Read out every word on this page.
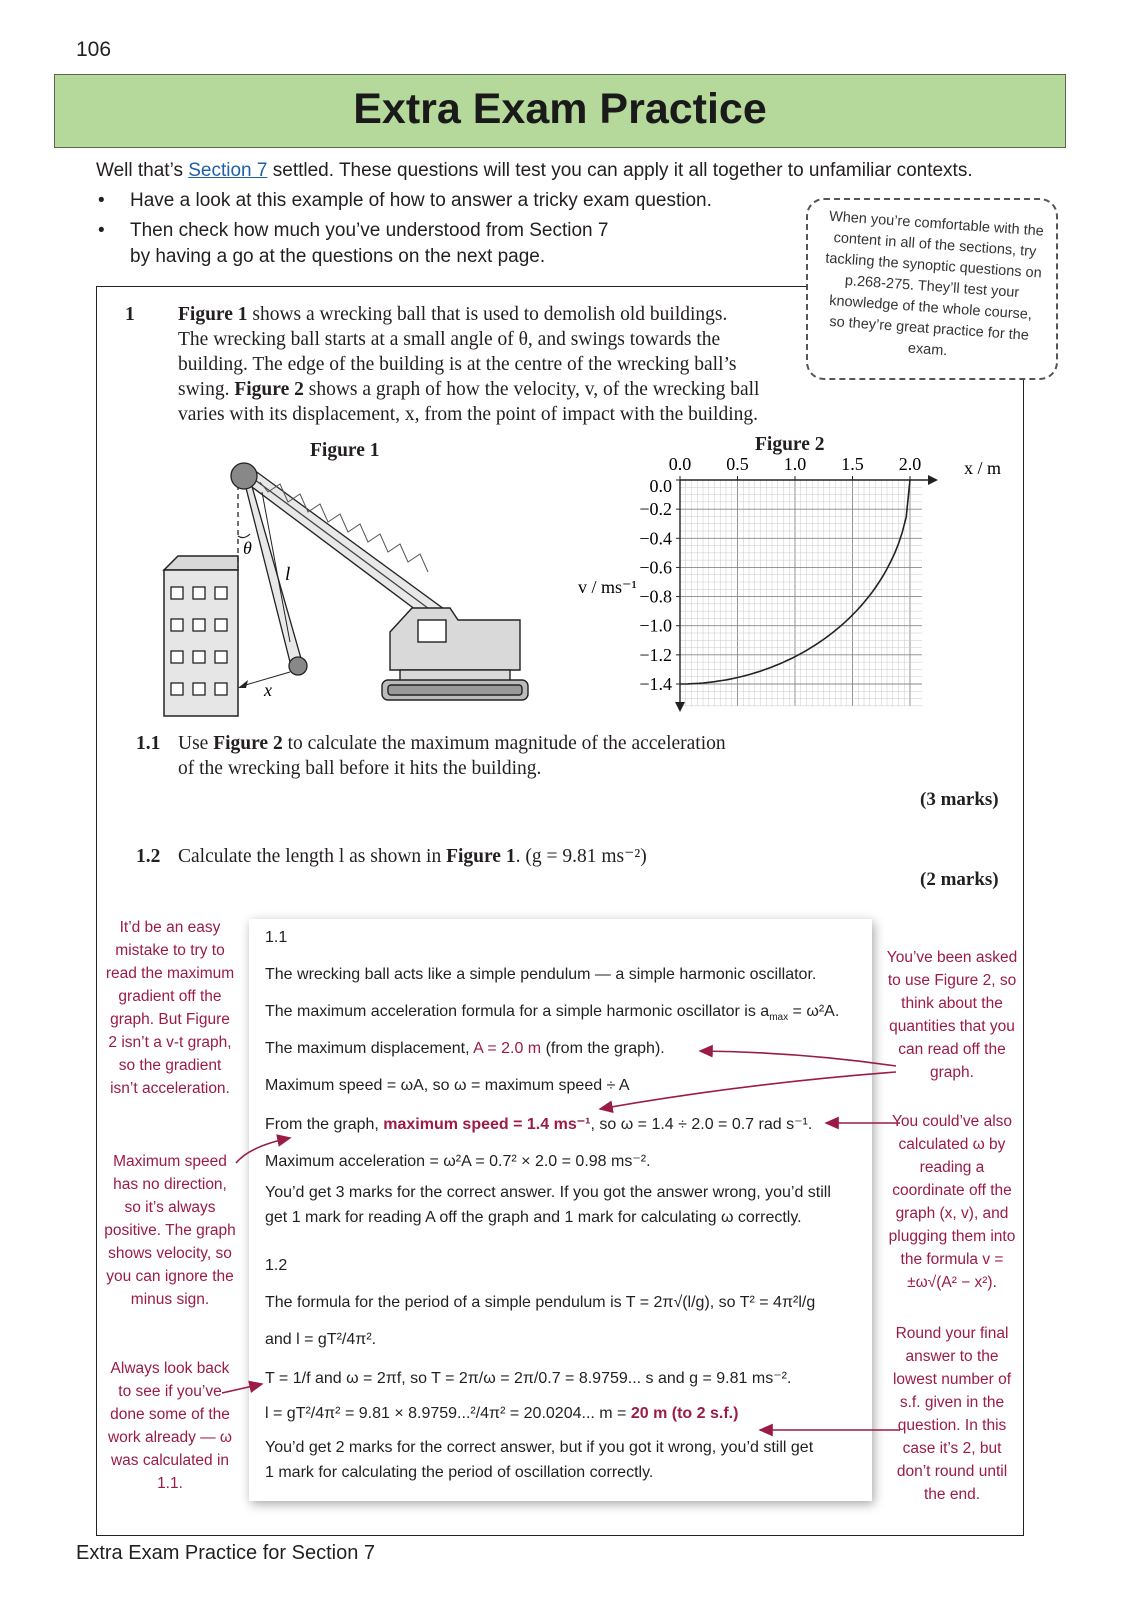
106
Extra Exam Practice
Well that’s Section 7 settled. These questions will test you can apply it all together to unfamiliar contexts.
• Have a look at this example of how to answer a tricky exam question.
• Then check how much you’ve understood from Section 7
by having a go at the questions on the next page.
When you’re comfortable with the content in all of the sections, try tackling the synoptic questions on p.268-275. They’ll test your knowledge of the whole course, so they’re great practice for the exam.
1 Figure 1 shows a wrecking ball that is used to demolish old buildings.
The wrecking ball starts at a small angle of θ, and swings towards the
building. The edge of the building is at the centre of the wrecking ball’s
swing. Figure 2 shows a graph of how the velocity, v, of the wrecking ball
varies with its displacement, x, from the point of impact with the building.
Figure 1
θ
l
x
Figure 2
0.0 0.5 1.0 1.5 2.0
0.0
−0.2
−0.4
−0.6
−0.8
−1.0
−1.2
−1.4
x / m
v / ms⁻¹
1.1 Use Figure 2 to calculate the maximum magnitude of the acceleration
of the wrecking ball before it hits the building.
(3 marks)
1.2 Calculate the length l as shown in Figure 1. (g = 9.81 ms⁻²)
(2 marks)
1.1
The wrecking ball acts like a simple pendulum — a simple harmonic oscillator.
The maximum acceleration formula for a simple harmonic oscillator is $a_{max} = \omega^2A$.
The maximum displacement, A = 2.0 m (from the graph).
Maximum speed = ωA, so ω = maximum speed ÷ A
From the graph, maximum speed = 1.4 ms⁻¹, so ω = 1.4 ÷ 2.0 = 0.7 rad s⁻¹.
Maximum acceleration = ω²A = 0.7² × 2.0 = 0.98 ms⁻².
You’d get 3 marks for the correct answer. If you got the answer wrong, you’d still
get 1 mark for reading A off the graph and 1 mark for calculating ω correctly.
1.2
The formula for the period of a simple pendulum is T = 2π√(l/g), so T² = 4π²l/g
and l = gT²/4π².
T = 1/f and ω = 2πf, so T = 2π/ω = 2π/0.7 = 8.9759... s and g = 9.81 ms⁻².
l = gT²/4π² = 9.81 × 8.9759...²/4π² = 20.0204... m = 20 m (to 2 s.f.)
You’d get 2 marks for the correct answer, but if you got it wrong, you’d still get
1 mark for calculating the period of oscillation correctly.
It’d be an easy mistake to try to read the maximum gradient off the graph. But Figure 2 isn’t a v-t graph, so the gradient isn’t acceleration.
Maximum speed has no direction, so it’s always positive. The graph shows velocity, so you can ignore the minus sign.
Always look back to see if you’ve done some of the work already — ω was calculated in 1.1.
You’ve been asked to use Figure 2, so think about the quantities that you can read off the graph.
You could’ve also calculated ω by reading a coordinate off the graph (x, v), and plugging them into the formula v = ±ω√(A² − x²).
Round your final answer to the lowest number of s.f. given in the question. In this case it’s 2, but don’t round until the end.
Extra Exam Practice for Section 7
